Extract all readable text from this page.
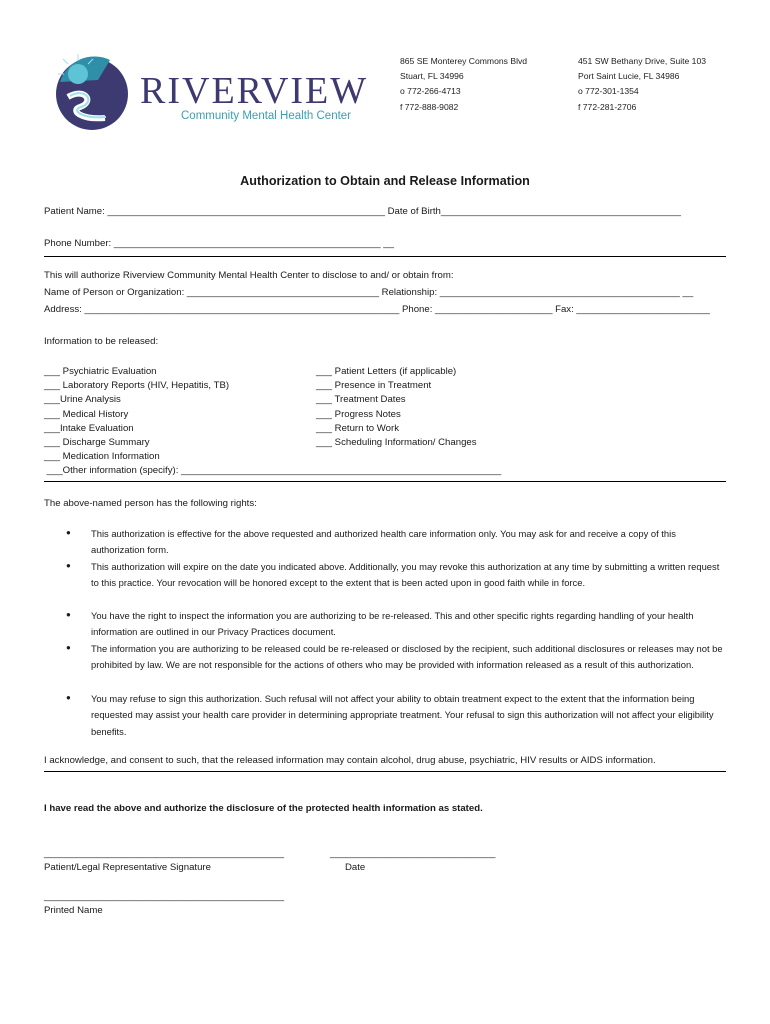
RIVERVIEW
Community Mental Health Center
865 SE Monterey Commons Blvd
Stuart, FL 34996
o 772-266-4713
f 772-888-9082
451 SW Bethany Drive, Suite 103
Port Saint Lucie, FL 34986
o 772-301-1354
f 772-281-2706
Authorization to Obtain and Release Information
Patient Name: ____________________________________________________ Date of Birth_____________________________________________
Phone Number: __________________________________________________ __
This will authorize Riverview Community Mental Health Center to disclose to and/ or obtain from:
Name of Person or Organization: ____________________________________ Relationship: _____________________________________________ __
Address: ___________________________________________________________ Phone: ______________________ Fax: _________________________
Information to be released:
___ Psychiatric Evaluation
___ Laboratory Reports (HIV, Hepatitis, TB)
___Urine Analysis
___ Medical History
___Intake Evaluation
___ Discharge Summary
___ Medication Information
___Other information (specify): ____________________________________________________________
___ Patient Letters (if applicable)
___ Presence in Treatment
___ Treatment Dates
___ Progress Notes
___ Return to Work
___ Scheduling Information/ Changes
The above-named person has the following rights:
● This authorization is effective for the above requested and authorized health care information only. You may ask for and receive a copy of this authorization form.
● This authorization will expire on the date you indicated above. Additionally, you may revoke this authorization at any time by submitting a written request to this practice. Your revocation will be honored except to the extent that is been acted upon in good faith while in force.
● You have the right to inspect the information you are authorizing to be re-released. This and other specific rights regarding handling of your health information are outlined in our Privacy Practices document.
● The information you are authorizing to be released could be re-released or disclosed by the recipient, such additional disclosures or releases may not be prohibited by law. We are not responsible for the actions of others who may be provided with information released as a result of this authorization.
● You may refuse to sign this authorization. Such refusal will not affect your ability to obtain treatment expect to the extent that the information being requested may assist your health care provider in determining appropriate treatment. Your refusal to sign this authorization will not affect your eligibility benefits.
I acknowledge, and consent to such, that the released information may contain alcohol, drug abuse, psychiatric, HIV results or AIDS information.
I have read the above and authorize the disclosure of the protected health information as stated.
_____________________________________________	_______________________________
Patient/Legal Representative Signature	Date
_____________________________________________
Printed Name
